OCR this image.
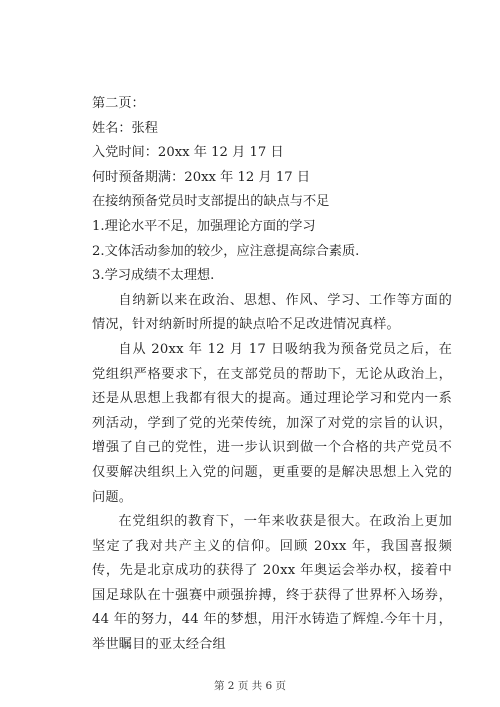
第二页：

姓名：张程

入党时间：20xx 年 12 月 17 日

何时预备期满：20xx 年 12 月 17 日

在接纳预备党员时支部提出的缺点与不足

1.理论水平不足，加强理论方面的学习

2.文体活动参加的较少，应注意提高综合素质.

3.学习成绩不太理想.

自纳新以来在政治、思想、作风、学习、工作等方面的情况，针对纳新时所提的缺点哈不足改进情况真样。

自从 20xx 年 12 月 17 日吸纳我为预备党员之后，在党组织严格要求下，在支部党员的帮助下，无论从政治上，还是从思想上我都有很大的提高。通过理论学习和党内一系列活动，学到了党的光荣传统，加深了对党的宗旨的认识，增强了自己的党性，进一步认识到做一个合格的共产党员不仅要解决组织上入党的问题，更重要的是解决思想上入党的问题。

在党组织的教育下，一年来收获是很大。在政治上更加坚定了我对共产主义的信仰。回顾 20xx 年，我国喜报频传，先是北京成功的获得了 20xx 年奥运会举办权，接着中国足球队在十强赛中顽强拚搏，终于获得了世界杯入场券，44 年的努力，44 年的梦想，用汗水铸造了辉煌.今年十月，举世瞩目的亚太经合组

第 2 页 共 6 页
